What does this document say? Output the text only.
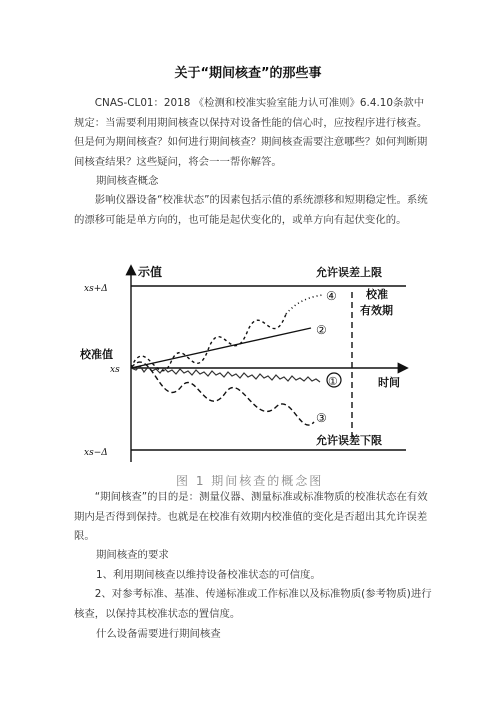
关于“期间核查”的那些事

CNAS-CL01：2018 《检测和校准实验室能力认可准则》6.4.10条款中规定：当需要利用期间核查以保持对设备性能的信心时，应按程序进行核查。但是何为期间核查？如何进行期间核查？期间核查需要注意哪些？如何判断期间核查结果？这些疑问，将会一一帮你解答。

期间核查概念

影响仪器设备“校准状态”的因素包括示值的系统漂移和短期稳定性。系统的漂移可能是单方向的，也可能是起伏变化的，或单方向有起伏变化的。

示值
时间
xs+Δ
允许误差上限
xs−Δ
允许误差下限
校准值
xs
校准
有效期
①
②
③
④
图 1 期间核查的概念图

“期间核查”的目的是：测量仪器、测量标准或标准物质的校准状态在有效期内是否得到保持。也就是在校准有效期内校准值的变化是否超出其允许误差限。

期间核查的要求
1、利用期间核查以维持设备校准状态的可信度。

2、对参考标准、基准、传递标准或工作标准以及标准物质(参考物质)进行核查，以保持其校准状态的置信度。

什么设备需要进行期间核查
